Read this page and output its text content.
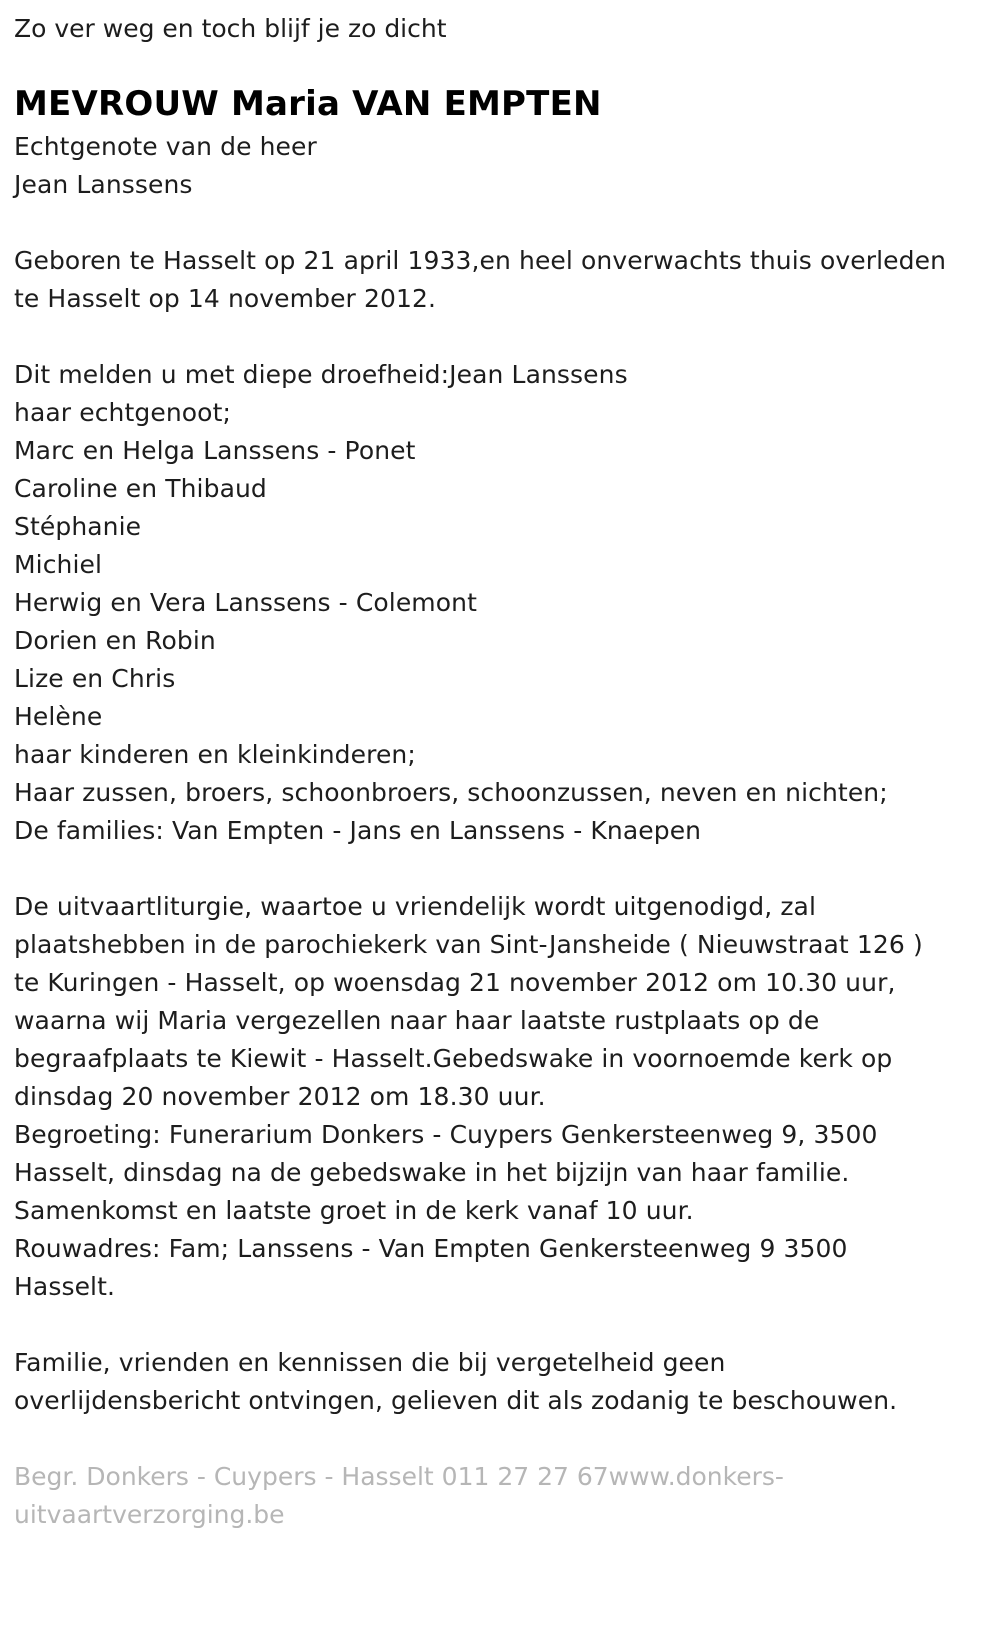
Zo ver weg en toch blijf je zo dicht
MEVROUW Maria VAN EMPTEN
Echtgenote van de heer
Jean Lanssens
Geboren te Hasselt op 21 april 1933,en heel onverwachts thuis overleden
te Hasselt op 14 november 2012.
Dit melden u met diepe droefheid:Jean Lanssens
haar echtgenoot;
Marc en Helga Lanssens - Ponet
Caroline en Thibaud
Stéphanie
Michiel
Herwig en Vera Lanssens - Colemont
Dorien en Robin
Lize en Chris
Helène
haar kinderen en kleinkinderen;
Haar zussen, broers, schoonbroers, schoonzussen, neven en nichten;
De families: Van Empten - Jans en Lanssens - Knaepen
De uitvaartliturgie, waartoe u vriendelijk wordt uitgenodigd, zal
plaatshebben in de parochiekerk van Sint-Jansheide ( Nieuwstraat 126 )
te Kuringen - Hasselt, op woensdag 21 november 2012 om 10.30 uur,
waarna wij Maria vergezellen naar haar laatste rustplaats op de
begraafplaats te Kiewit - Hasselt.Gebedswake in voornoemde kerk op
dinsdag 20 november 2012 om 18.30 uur.
Begroeting: Funerarium Donkers - Cuypers Genkersteenweg 9, 3500
Hasselt, dinsdag na de gebedswake in het bijzijn van haar familie.
Samenkomst en laatste groet in de kerk vanaf 10 uur.
Rouwadres: Fam; Lanssens - Van Empten Genkersteenweg 9 3500
Hasselt.
Familie, vrienden en kennissen die bij vergetelheid geen
overlijdensbericht ontvingen, gelieven dit als zodanig te beschouwen.
Begr. Donkers - Cuypers - Hasselt 011 27 27 67www.donkers-
uitvaartverzorging.be
